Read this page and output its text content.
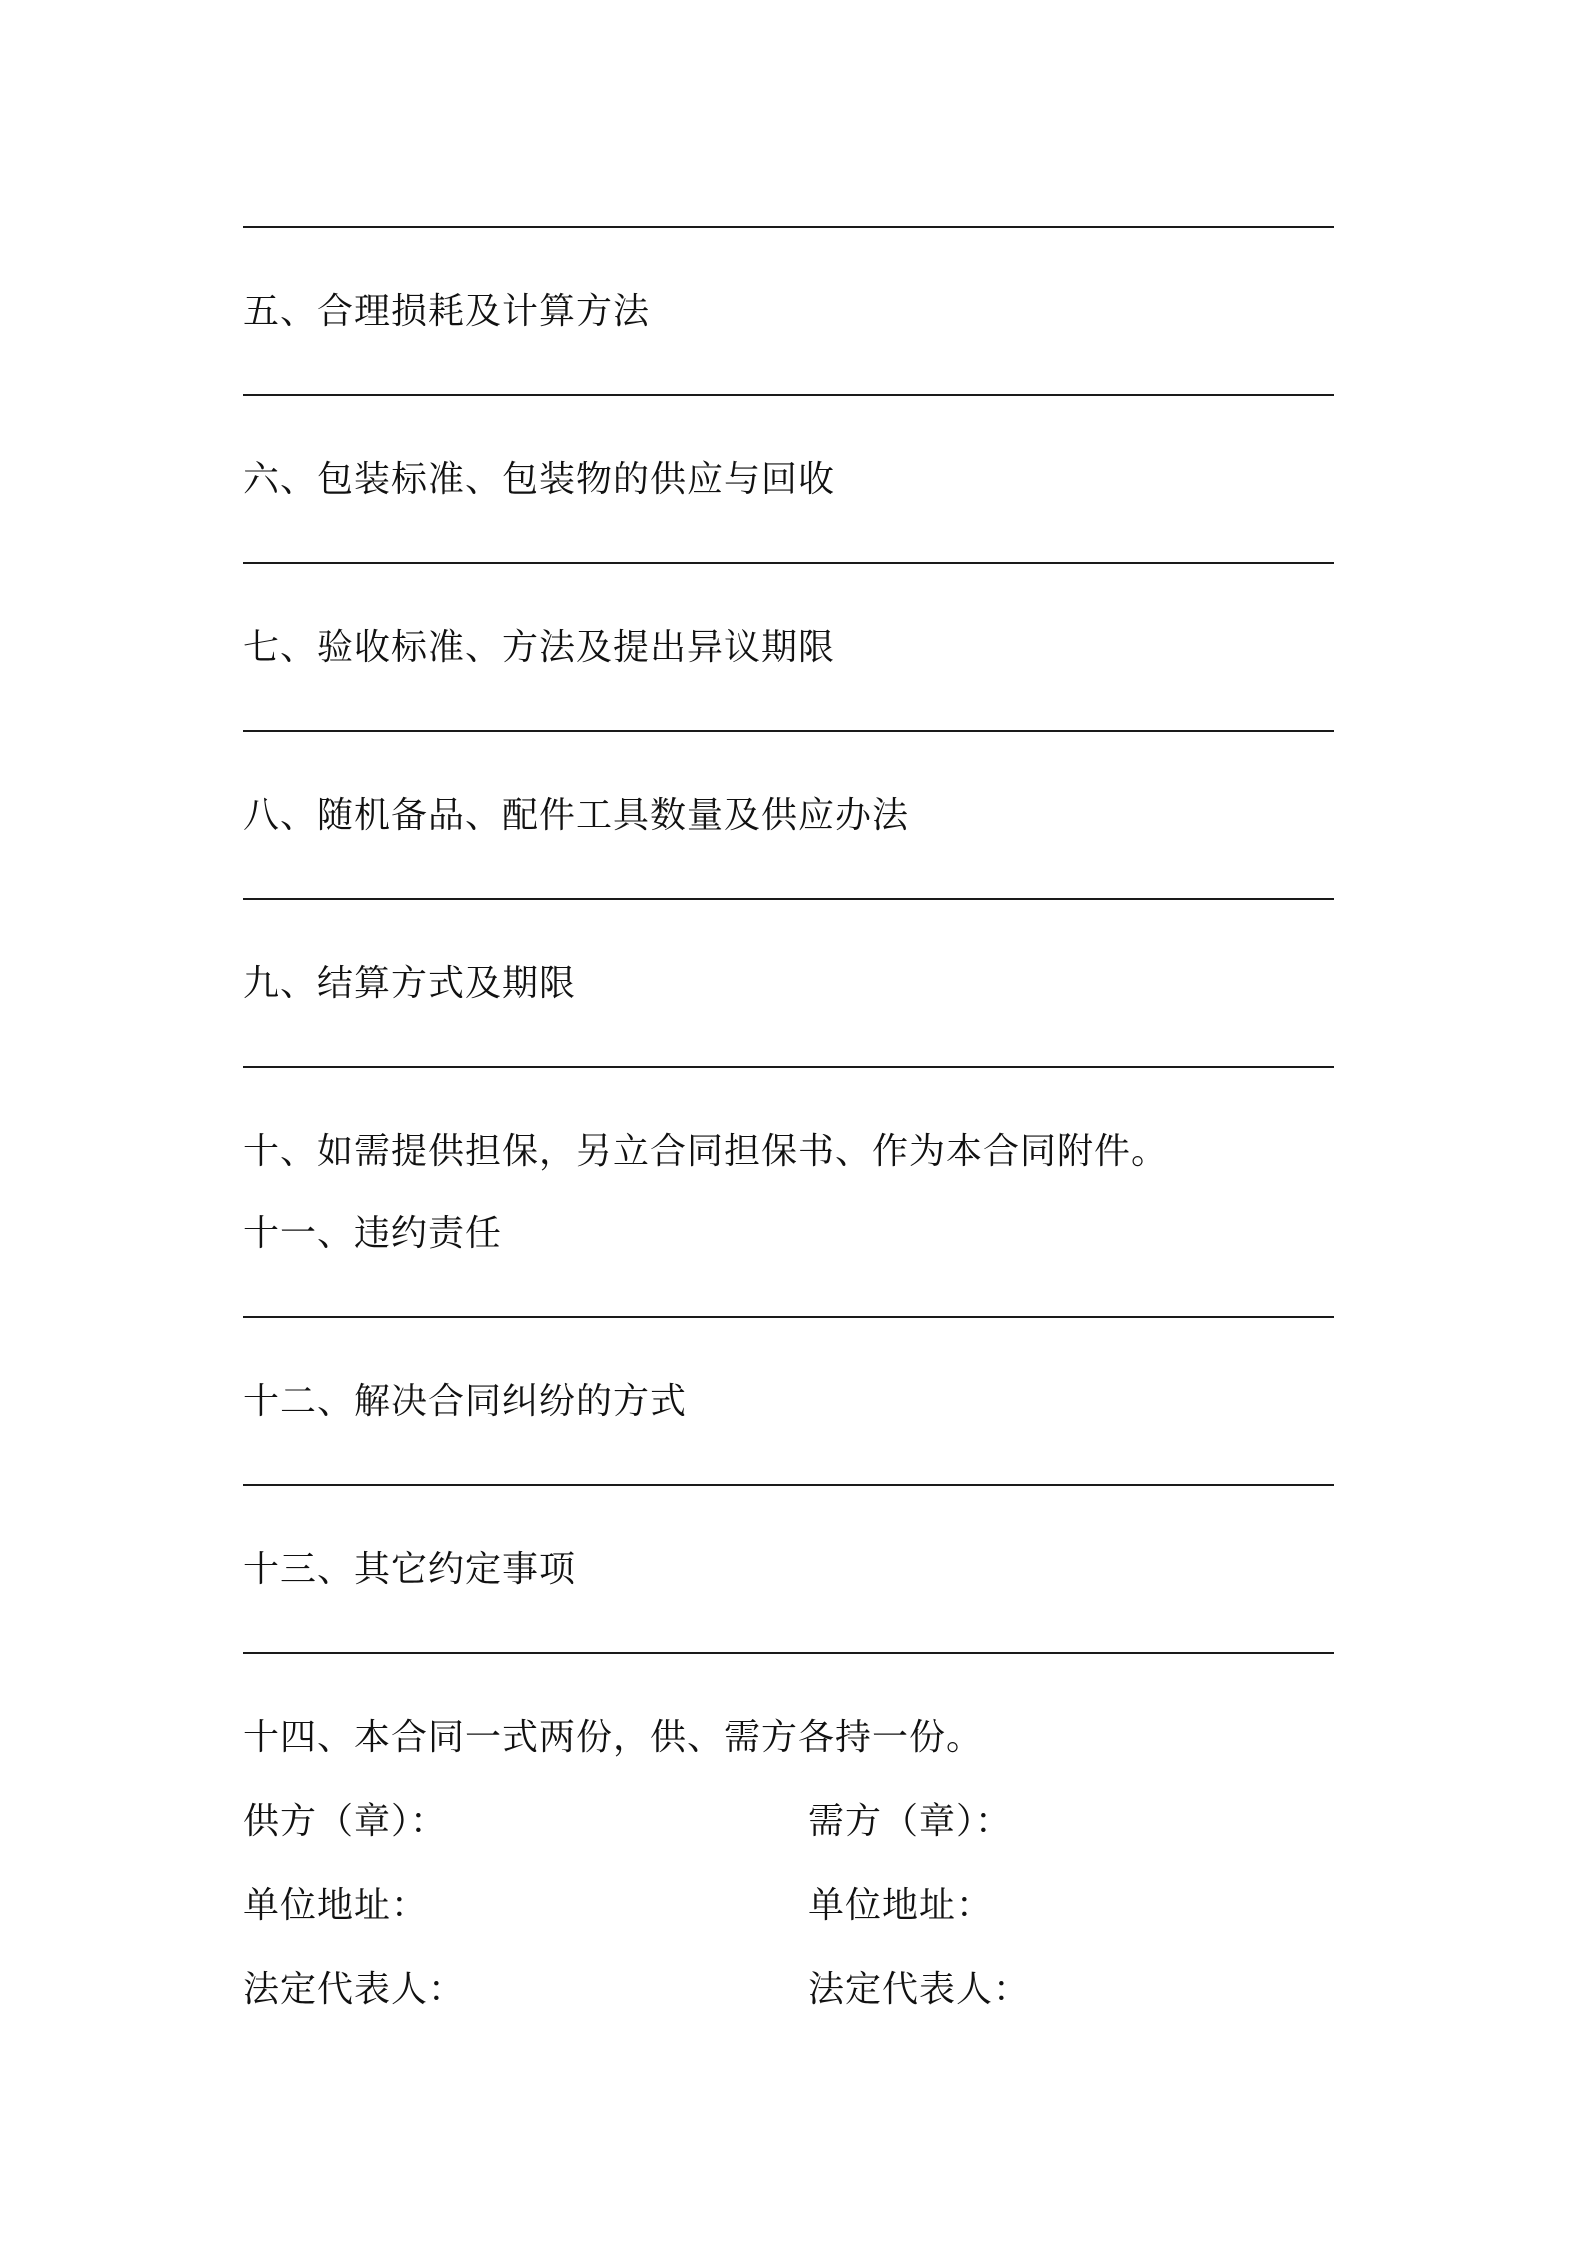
五、合理损耗及计算方法
六、包装标准、包装物的供应与回收
七、验收标准、方法及提出异议期限
八、随机备品、配件工具数量及供应办法
九、结算方式及期限
十、如需提供担保，另立合同担保书、作为本合同附件。
十一、违约责任
十二、解决合同纠纷的方式
十三、其它约定事项
十四、本合同一式两份，供、需方各持一份。
供方（章）：	需方（章）：
单位地址：	单位地址：
法定代表人：	法定代表人：
